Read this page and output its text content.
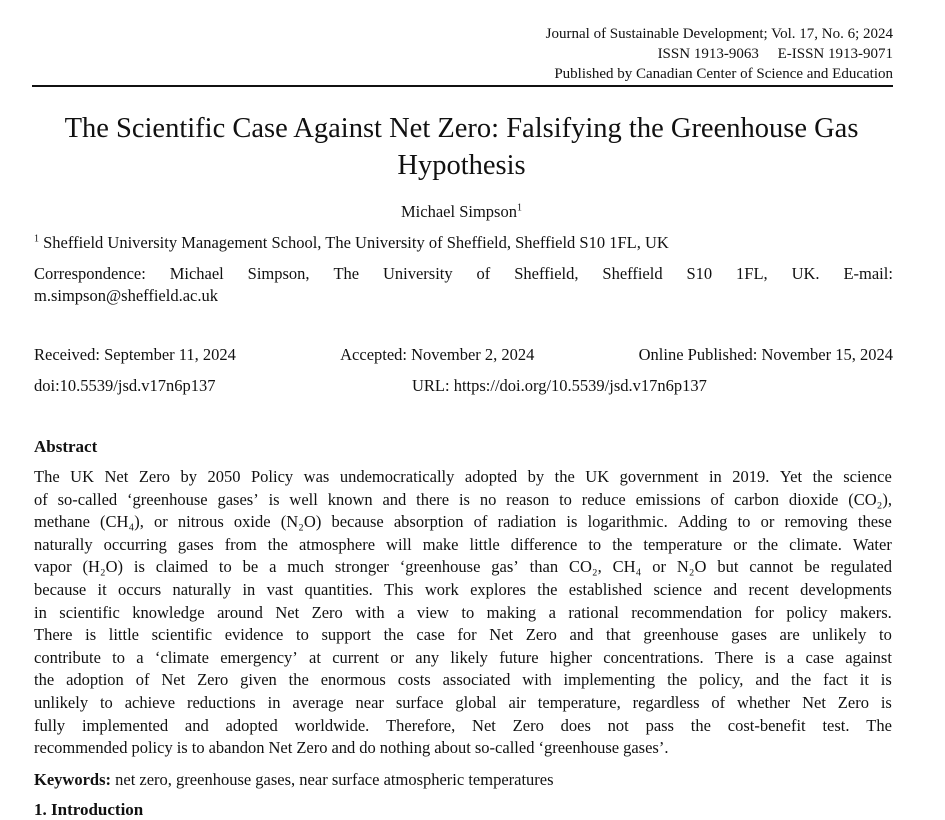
Journal of Sustainable Development; Vol. 17, No. 6; 2024
ISSN 1913-9063 E-ISSN 1913-9071
Published by Canadian Center of Science and Education
The Scientific Case Against Net Zero: Falsifying the Greenhouse Gas
Hypothesis
Michael Simpson$^1$
$^1$ Sheffield University Management School, The University of Sheffield, Sheffield S10 1FL, UK
Correspondence: Michael Simpson, The University of Sheffield, Sheffield S10 1FL, UK. E-mail:
m.simpson@sheffield.ac.uk
Received: September 11, 2024	Accepted: November 2, 2024	Online Published: November 15, 2024
doi:10.5539/jsd.v17n6p137	URL: https://doi.org/10.5539/jsd.v17n6p137
Abstract
The UK Net Zero by 2050 Policy was undemocratically adopted by the UK government in 2019. Yet the science
of so-called ‘greenhouse gases’ is well known and there is no reason to reduce emissions of carbon dioxide (CO₂),
methane (CH₄), or nitrous oxide (N₂O) because absorption of radiation is logarithmic. Adding to or removing these
naturally occurring gases from the atmosphere will make little difference to the temperature or the climate. Water
vapor (H₂O) is claimed to be a much stronger ‘greenhouse gas’ than CO₂, CH₄ or N₂O but cannot be regulated
because it occurs naturally in vast quantities. This work explores the established science and recent developments
in scientific knowledge around Net Zero with a view to making a rational recommendation for policy makers.
There is little scientific evidence to support the case for Net Zero and that greenhouse gases are unlikely to
contribute to a ‘climate emergency’ at current or any likely future higher concentrations. There is a case against
the adoption of Net Zero given the enormous costs associated with implementing the policy, and the fact it is
unlikely to achieve reductions in average near surface global air temperature, regardless of whether Net Zero is
fully implemented and adopted worldwide. Therefore, Net Zero does not pass the cost-benefit test. The
recommended policy is to abandon Net Zero and do nothing about so-called ‘greenhouse gases’.
Keywords: net zero, greenhouse gases, near surface atmospheric temperatures
1. Introduction
